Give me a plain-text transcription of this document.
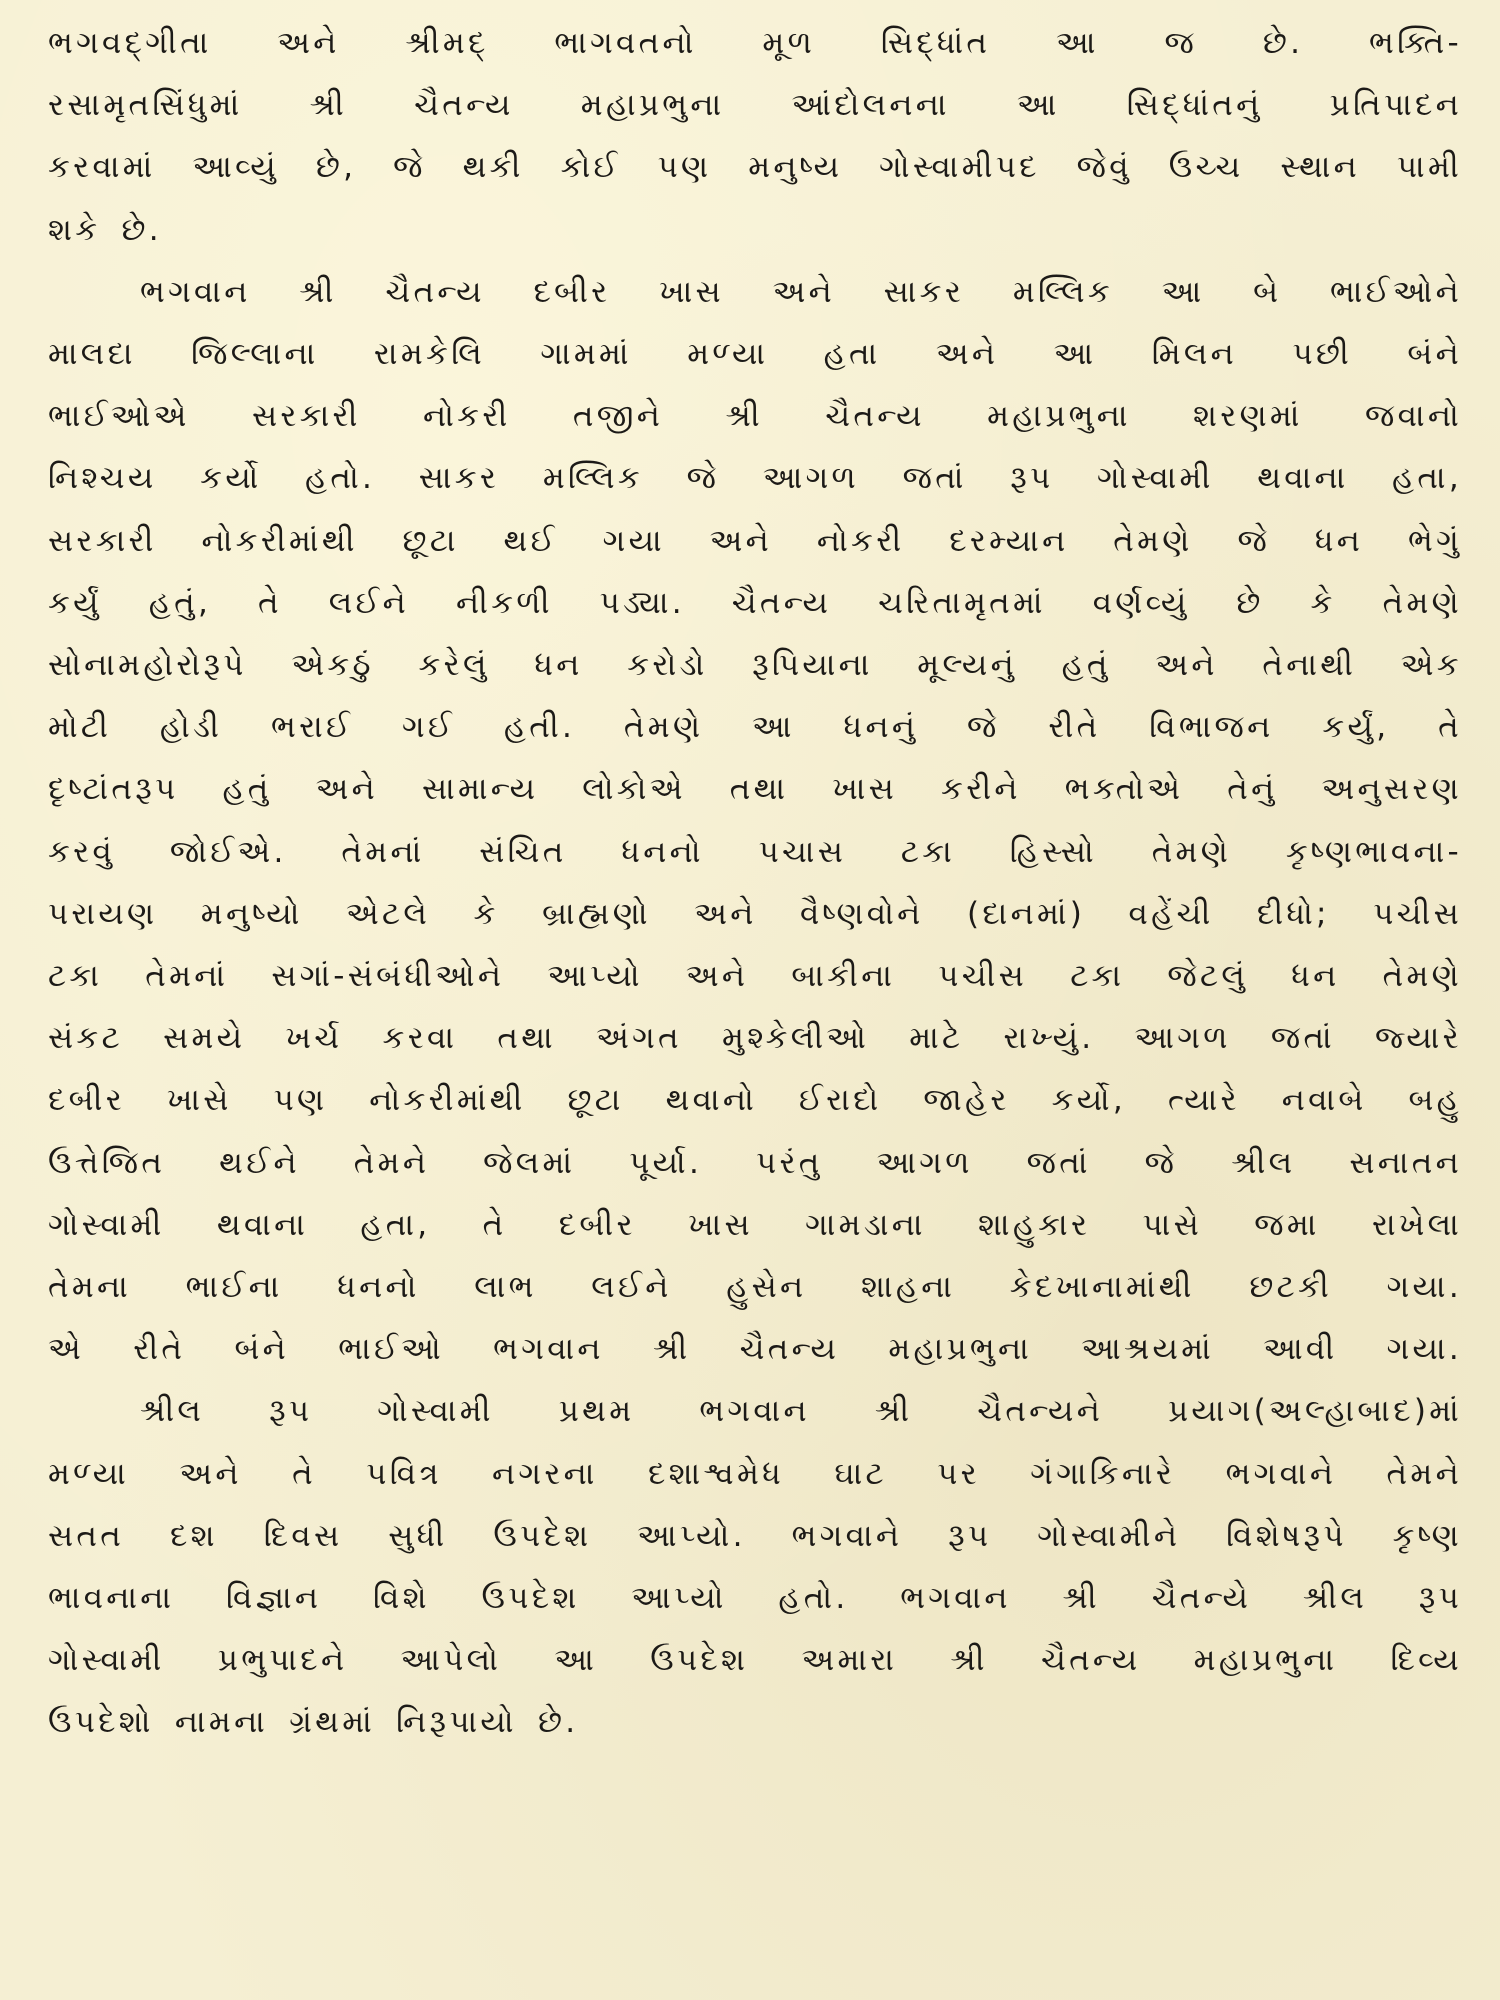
ભગવદ્ગીતા અને શ્રીમદ્ ભાગવતનો મૂળ સિદ્ધાંત આ જ છે. ભક્તિ-
રસામૃતસિંધુમાં શ્રી ચૈતન્ય મહાપ્રભુના આંદોલનના આ સિદ્ધાંતનું પ્રતિપાદન
કરવામાં આવ્યું છે, જે થકી કોઈ પણ મનુષ્ય ગોસ્વામીપદ જેવું ઉચ્ચ સ્થાન પામી
શકે છે.

ભગવાન શ્રી ચૈતન્ય દબીર ખાસ અને સાકર મલ્લિક આ બે ભાઈઓને
માલદા જિલ્લાના રામકેલિ ગામમાં મળ્યા હતા અને આ મિલન પછી બંને
ભાઈઓએ સરકારી નોકરી તજીને શ્રી ચૈતન્ય મહાપ્રભુના શરણમાં જવાનો
નિશ્ચય કર્યો હતો. સાકર મલ્લિક જે આગળ જતાં રૂપ ગોસ્વામી થવાના હતા,
સરકારી નોકરીમાંથી છૂટા થઈ ગયા અને નોકરી દરમ્યાન તેમણે જે ધન ભેગું
કર્યું હતું, તે લઈને નીકળી પડ્યા. ચૈતન્ય ચરિતામૃતમાં વર્ણવ્યું છે કે તેમણે
સોનામહોરોરૂપે એકઠું કરેલું ધન કરોડો રૂપિયાના મૂલ્યનું હતું અને તેનાથી એક
મોટી હોડી ભરાઈ ગઈ હતી. તેમણે આ ધનનું જે રીતે વિભાજન કર્યું, તે
દૃષ્ટાંતરૂપ હતું અને સામાન્ય લોકોએ તથા ખાસ કરીને ભક્તોએ તેનું અનુસરણ
કરવું જોઈએ. તેમનાં સંચિત ધનનો પચાસ ટકા હિસ્સો તેમણે કૃષ્ણભાવના-
પરાયણ મનુષ્યો એટલે કે બ્રાહ્મણો અને વૈષ્ણવોને (દાનમાં) વહેંચી દીધો; પચીસ
ટકા તેમનાં સગાં-સંબંધીઓને આપ્યો અને બાકીના પચીસ ટકા જેટલું ધન તેમણે
સંકટ સમયે ખર્ચ કરવા તથા અંગત મુશ્કેલીઓ માટે રાખ્યું. આગળ જતાં જ્યારે
દબીર ખાસે પણ નોકરીમાંથી છૂટા થવાનો ઈરાદો જાહેર કર્યો, ત્યારે નવાબે બહુ
ઉત્તેજિત થઈને તેમને જેલમાં પૂર્યા. પરંતુ આગળ જતાં જે શ્રીલ સનાતન
ગોસ્વામી થવાના હતા, તે દબીર ખાસ ગામડાના શાહુકાર પાસે જમા રાખેલા
તેમના ભાઈના ધનનો લાભ લઈને હુસેન શાહના કેદખાનામાંથી છટકી ગયા.
એ રીતે બંને ભાઈઓ ભગવાન શ્રી ચૈતન્ય મહાપ્રભુના આશ્રયમાં આવી ગયા.

શ્રીલ રૂપ ગોસ્વામી પ્રથમ ભગવાન શ્રી ચૈતન્યને પ્રયાગ(અલ્હાબાદ)માં
મળ્યા અને તે પવિત્ર નગરના દશાશ્વમેધ ઘાટ પર ગંગાકિનારે ભગવાને તેમને
સતત દશ દિવસ સુધી ઉપદેશ આપ્યો. ભગવાને રૂપ ગોસ્વામીને વિશેષરૂપે કૃષ્ણ
ભાવનાના વિજ્ઞાન વિશે ઉપદેશ આપ્યો હતો. ભગવાન શ્રી ચૈતન્યે શ્રીલ રૂપ
ગોસ્વામી પ્રભુપાદને આપેલો આ ઉપદેશ અમારા શ્રી ચૈતન્ય મહાપ્રભુના દિવ્ય
ઉપદેશો નામના ગ્રંથમાં નિરૂપાયો છે.
